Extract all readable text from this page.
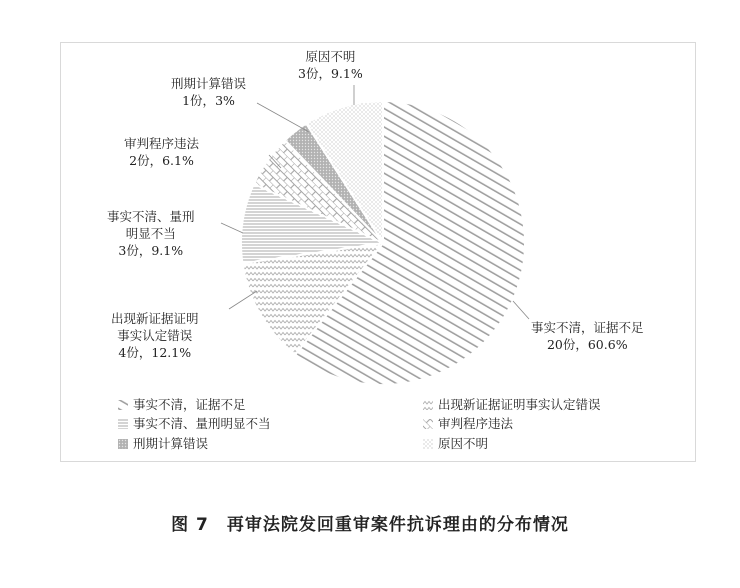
事实不清，证据不足
20份，60.6%
出现新证据证明
事实认定错误
4份，12.1%
事实不清、量刑
明显不当
3份，9.1%
审判程序违法
2份，6.1%
刑期计算错误
1份，3%
原因不明
3份，9.1%
事实不清，证据不足	出现新证据证明事实认定错误
事实不清、量刑明显不当	审判程序违法
刑期计算错误	原因不明
图 7 再审法院发回重审案件抗诉理由的分布情况
